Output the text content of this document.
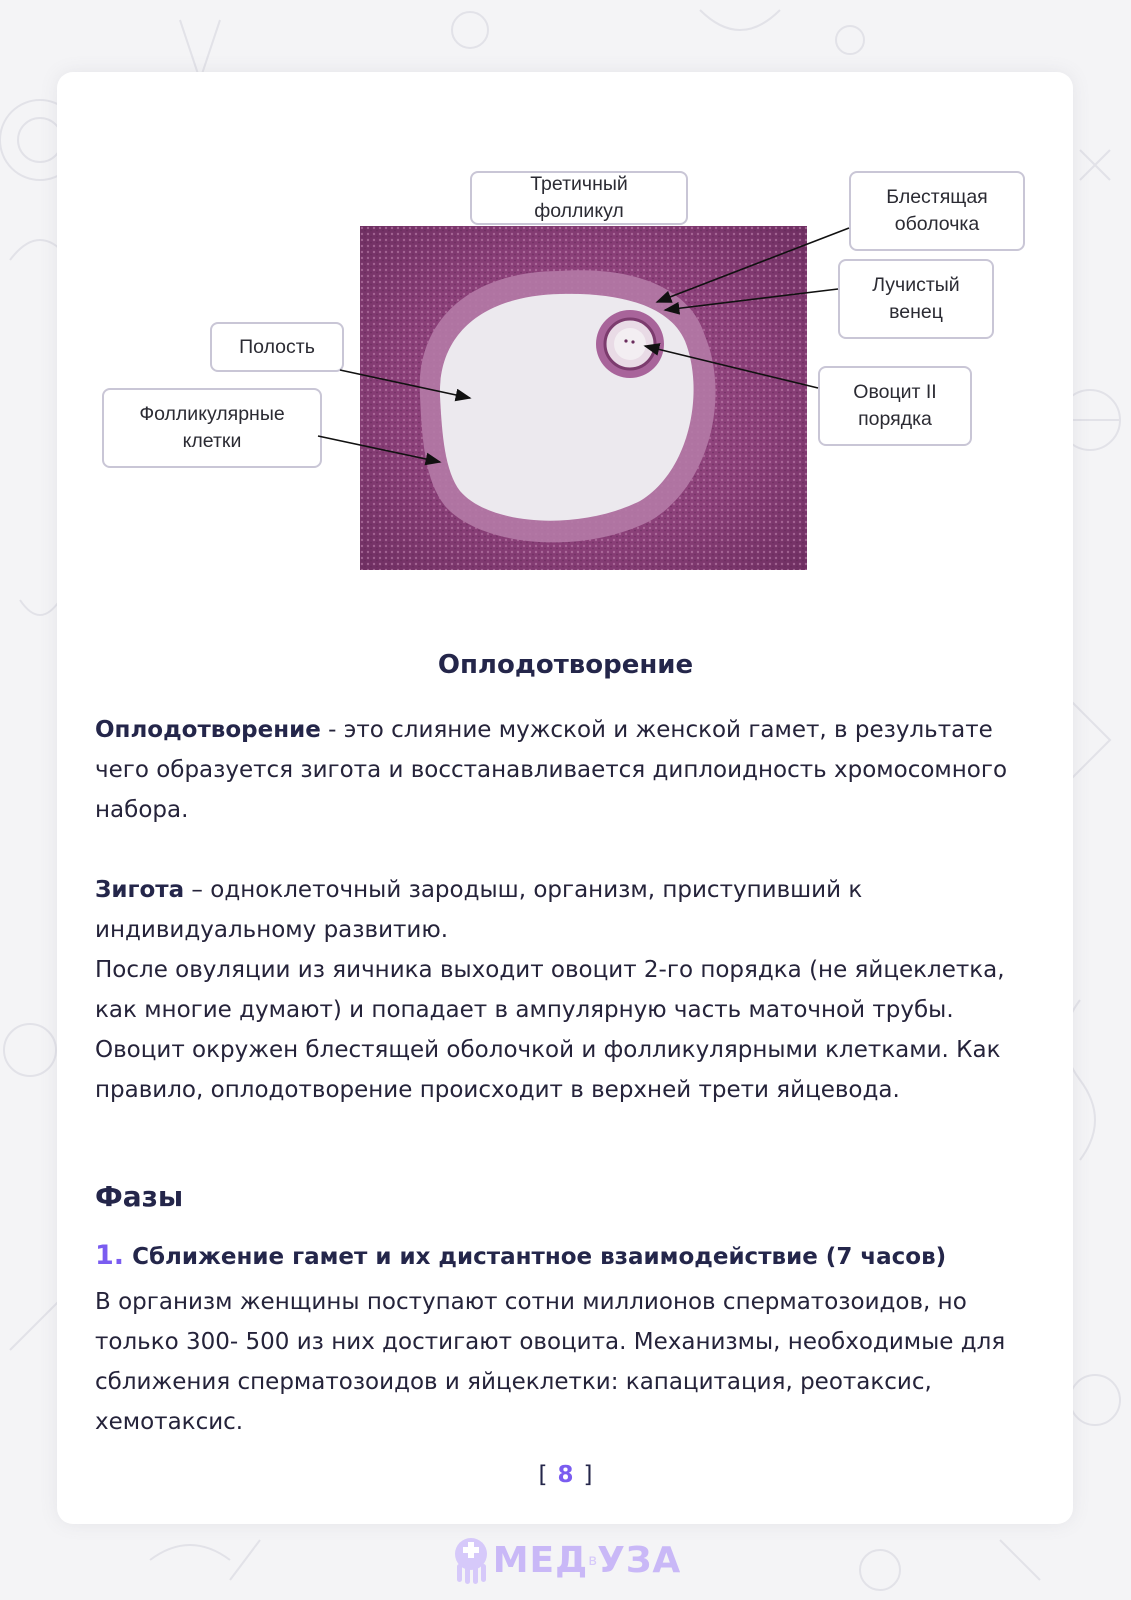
Третичный
фолликул
Блестящая
оболочка
Лучистый
венец
Полость
Фолликулярные
клетки
Овоцит II
порядка
Оплодотворение

Оплодотворение - это слияние мужской и женской гамет, в результате чего образуется зигота и восстанавливается диплоидность хромосомного набора.

Зигота – одноклеточный зародыш, организм, приступивший к индивидуальному развитию.

После овуляции из яичника выходит овоцит 2-го порядка (не яйцеклетка, как многие думают) и попадает в ампулярную часть маточной трубы. Овоцит окружен блестящей оболочкой и фолликулярными клетками. Как правило, оплодотворение происходит в верхней трети яйцевода.

Фазы
1. Сближение гамет и их дистантное взаимодействие (7 часов)

В организм женщины поступают сотни миллионов сперматозоидов, но только 300- 500 из них достигают овоцита. Механизмы, необходимые для сближения сперматозоидов и яйцеклетки: капацитация, реотаксис, хемотаксис.

[ 8 ]
МЕД в УЗА
